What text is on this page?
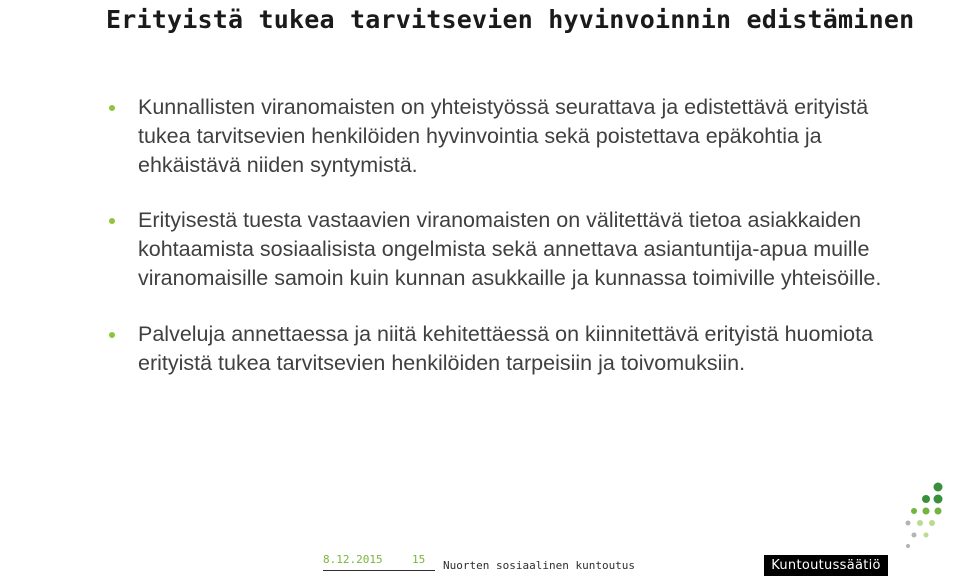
Erityistä tukea tarvitsevien hyvinvoinnin edistäminen
Kunnallisten viranomaisten on yhteistyössä seurattava ja edistettävä erityistä tukea tarvitsevien henkilöiden hyvinvointia sekä poistettava epäkohtia ja ehkäistävä niiden syntymistä.
Erityisestä tuesta vastaavien viranomaisten on välitettävä tietoa asiakkaiden kohtaamista sosiaalisista ongelmista sekä annettava asiantuntija-apua muille viranomaisille samoin kuin kunnan asukkaille ja kunnassa toimiville yhteisöille.
Palveluja annettaessa ja niitä kehitettäessä on kiinnitettävä erityistä huomiota erityistä tukea tarvitsevien henkilöiden tarpeisiin ja toivomuksiin.
8.12.2015	15 Nuorten sosiaalinen kuntoutus	Kuntoutussäätiö
